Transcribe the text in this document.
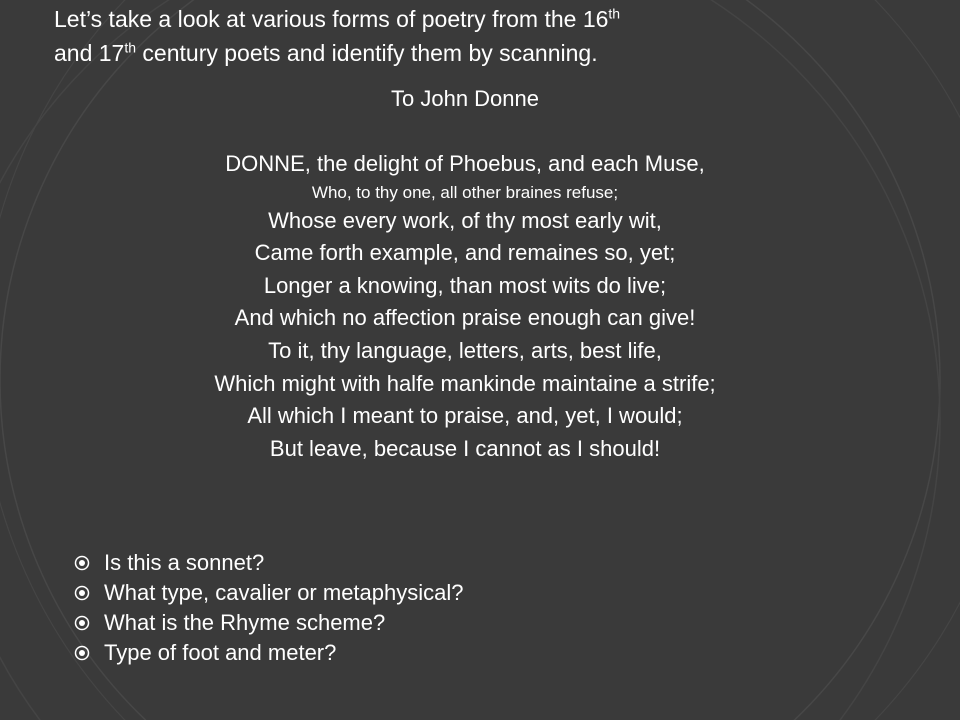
Let’s take a look at various forms of poetry from the 16th
and 17th century poets and identify them by scanning.
To John Donne
DONNE, the delight of Phoebus, and each Muse,
Who, to thy one, all other braines refuse;
Whose every work, of thy most early wit,
Came forth example, and remaines so, yet;
Longer a knowing, than most wits do live;
And which no affection praise enough can give!
To it, thy language, letters, arts, best life,
Which might with halfe mankinde maintaine a strife;
All which I meant to praise, and, yet, I would;
But leave, because I cannot as I should!
Is this a sonnet?
What type, cavalier or metaphysical?
What is the Rhyme scheme?
Type of foot and meter?
